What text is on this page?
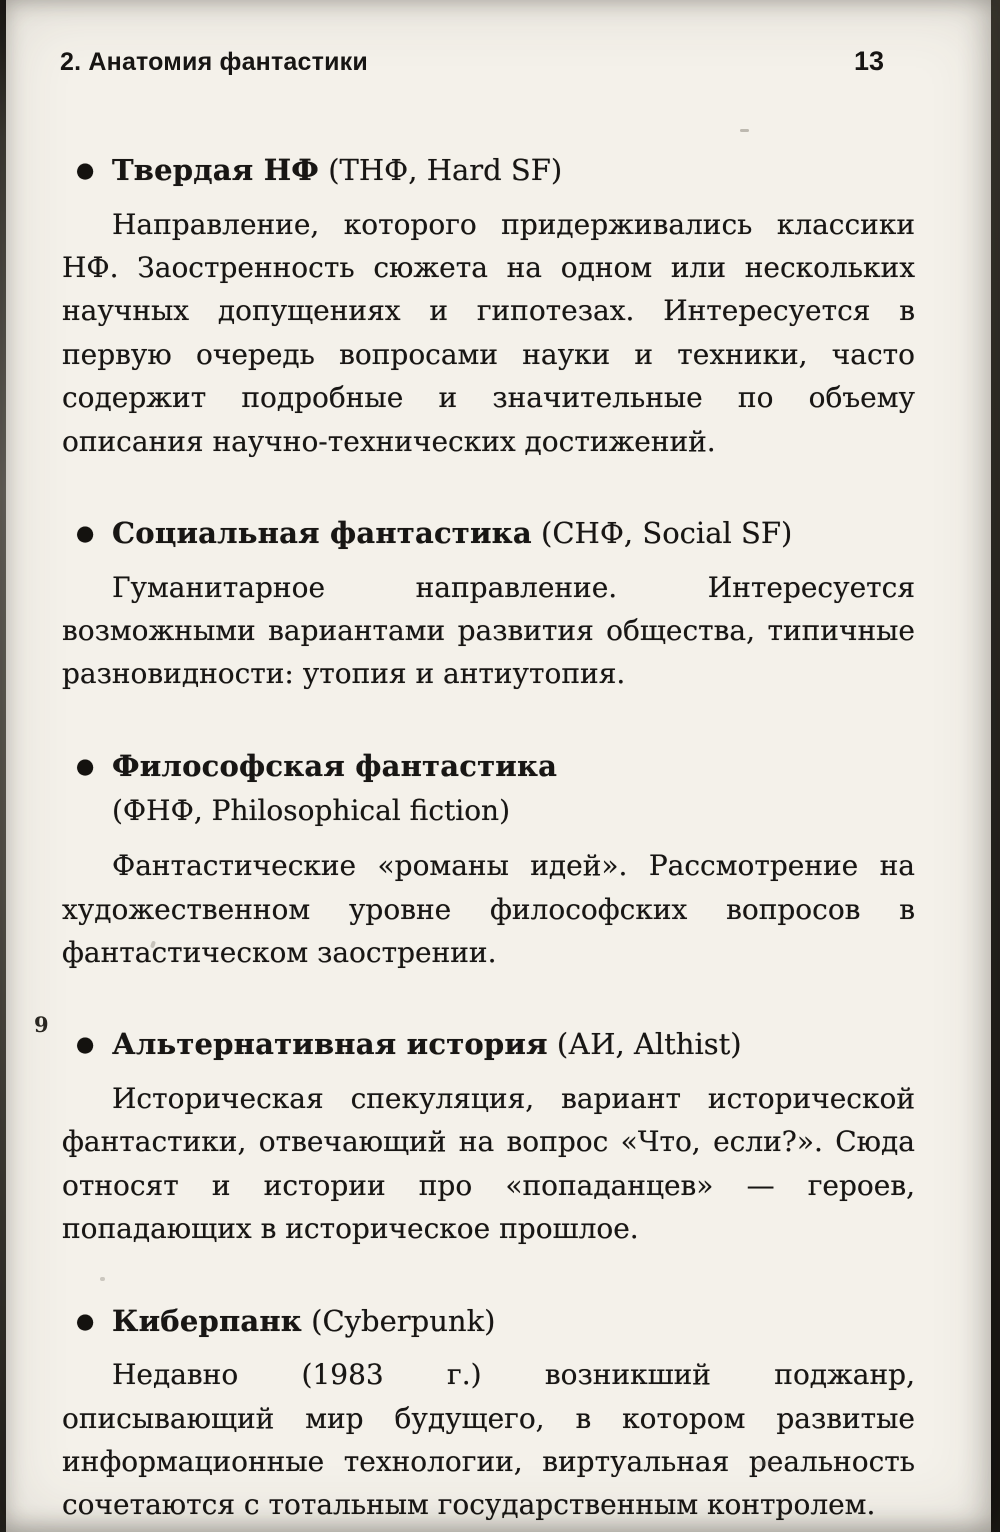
2. Анатомия фантастики	13
● Твердая НФ (ТНФ, Hard SF)

Направление, которого придерживались классики НФ. Заостренность сюжета на одном или нескольких научных допущениях и гипотезах. Интересуется в первую очередь вопросами науки и техники, часто содержит подробные и значительные по объему описания научно-технических достижений.

● Социальная фантастика (СНФ, Social SF)

Гуманитарное направление. Интересуется возможными вариантами развития общества, типичные разновидности: утопия и антиутопия.

● Философская фантастика
(ФНФ, Philosophical fiction)

Фантастические «романы идей». Рассмотрение на художественном уровне философских вопросов в фантастическом заострении.

● Альтернативная история (АИ, Althist)

Историческая спекуляция, вариант исторической фантастики, отвечающий на вопрос «Что, если?». Сюда относят и истории про «попаданцев» — героев, попадающих в историческое прошлое.

● Киберпанк (Cyberpunk)

Недавно (1983 г.) возникший поджанр, описывающий мир будущего, в котором развитые информационные технологии, виртуальная реальность сочетаются с тотальным государственным контролем.

9
